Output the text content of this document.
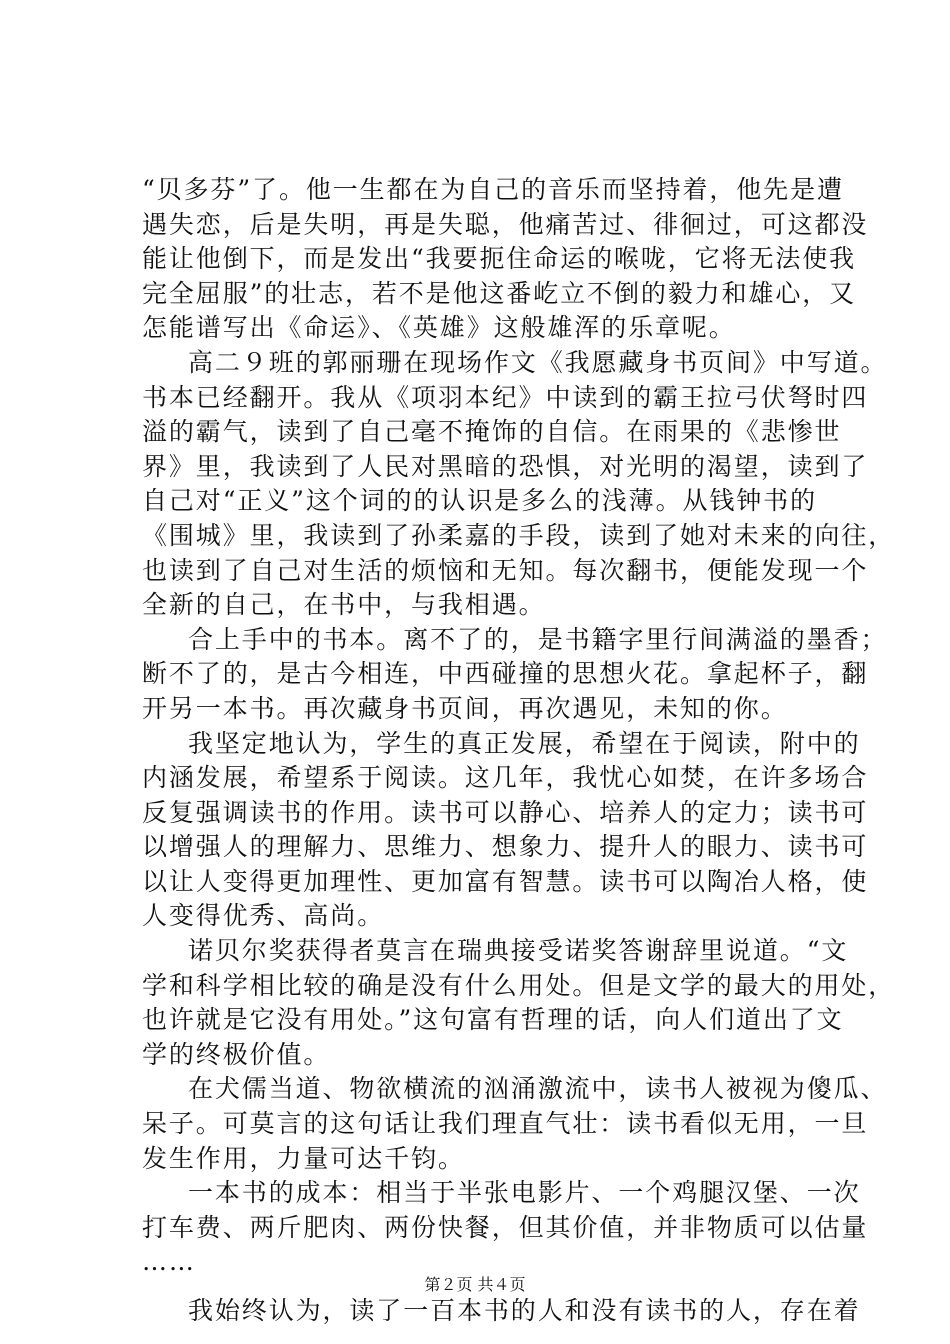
“贝多芬”了。他一生都在为自己的音乐而坚持着，他先是遭
遇失恋，后是失明，再是失聪，他痛苦过、徘徊过，可这都没
能让他倒下，而是发出“我要扼住命运的喉咙，它将无法使我
完全屈服”的壮志，若不是他这番屹立不倒的毅力和雄心，又
怎能谱写出《命运》、《英雄》这般雄浑的乐章呢。
高二９班的郭丽珊在现场作文《我愿藏身书页间》中写道。
书本已经翻开。我从《项羽本纪》中读到的霸王拉弓伏弩时四
溢的霸气，读到了自己毫不掩饰的自信。在雨果的《悲惨世
界》里，我读到了人民对黑暗的恐惧，对光明的渴望，读到了
自己对“正义”这个词的的认识是多么的浅薄。从钱钟书的
《围城》里，我读到了孙柔嘉的手段，读到了她对未来的向往，
也读到了自己对生活的烦恼和无知。每次翻书，便能发现一个
全新的自己，在书中，与我相遇。
合上手中的书本。离不了的，是书籍字里行间满溢的墨香；
断不了的，是古今相连，中西碰撞的思想火花。拿起杯子，翻
开另一本书。再次藏身书页间，再次遇见，未知的你。
我坚定地认为，学生的真正发展，希望在于阅读，附中的
内涵发展，希望系于阅读。这几年，我忧心如焚，在许多场合
反复强调读书的作用。读书可以静心、培养人的定力；读书可
以增强人的理解力、思维力、想象力、提升人的眼力、读书可
以让人变得更加理性、更加富有智慧。读书可以陶冶人格，使
人变得优秀、高尚。
诺贝尔奖获得者莫言在瑞典接受诺奖答谢辞里说道。“文
学和科学相比较的确是没有什么用处。但是文学的最大的用处，
也许就是它没有用处。”这句富有哲理的话，向人们道出了文
学的终极价值。
在犬儒当道、物欲横流的汹涌激流中，读书人被视为傻瓜、
呆子。可莫言的这句话让我们理直气壮：读书看似无用，一旦
发生作用，力量可达千钧。
一本书的成本：相当于半张电影片、一个鸡腿汉堡、一次
打车费、两斤肥肉、两份快餐，但其价值，并非物质可以估量
……
我始终认为，读了一百本书的人和没有读书的人，存在着
第２页 共４页
